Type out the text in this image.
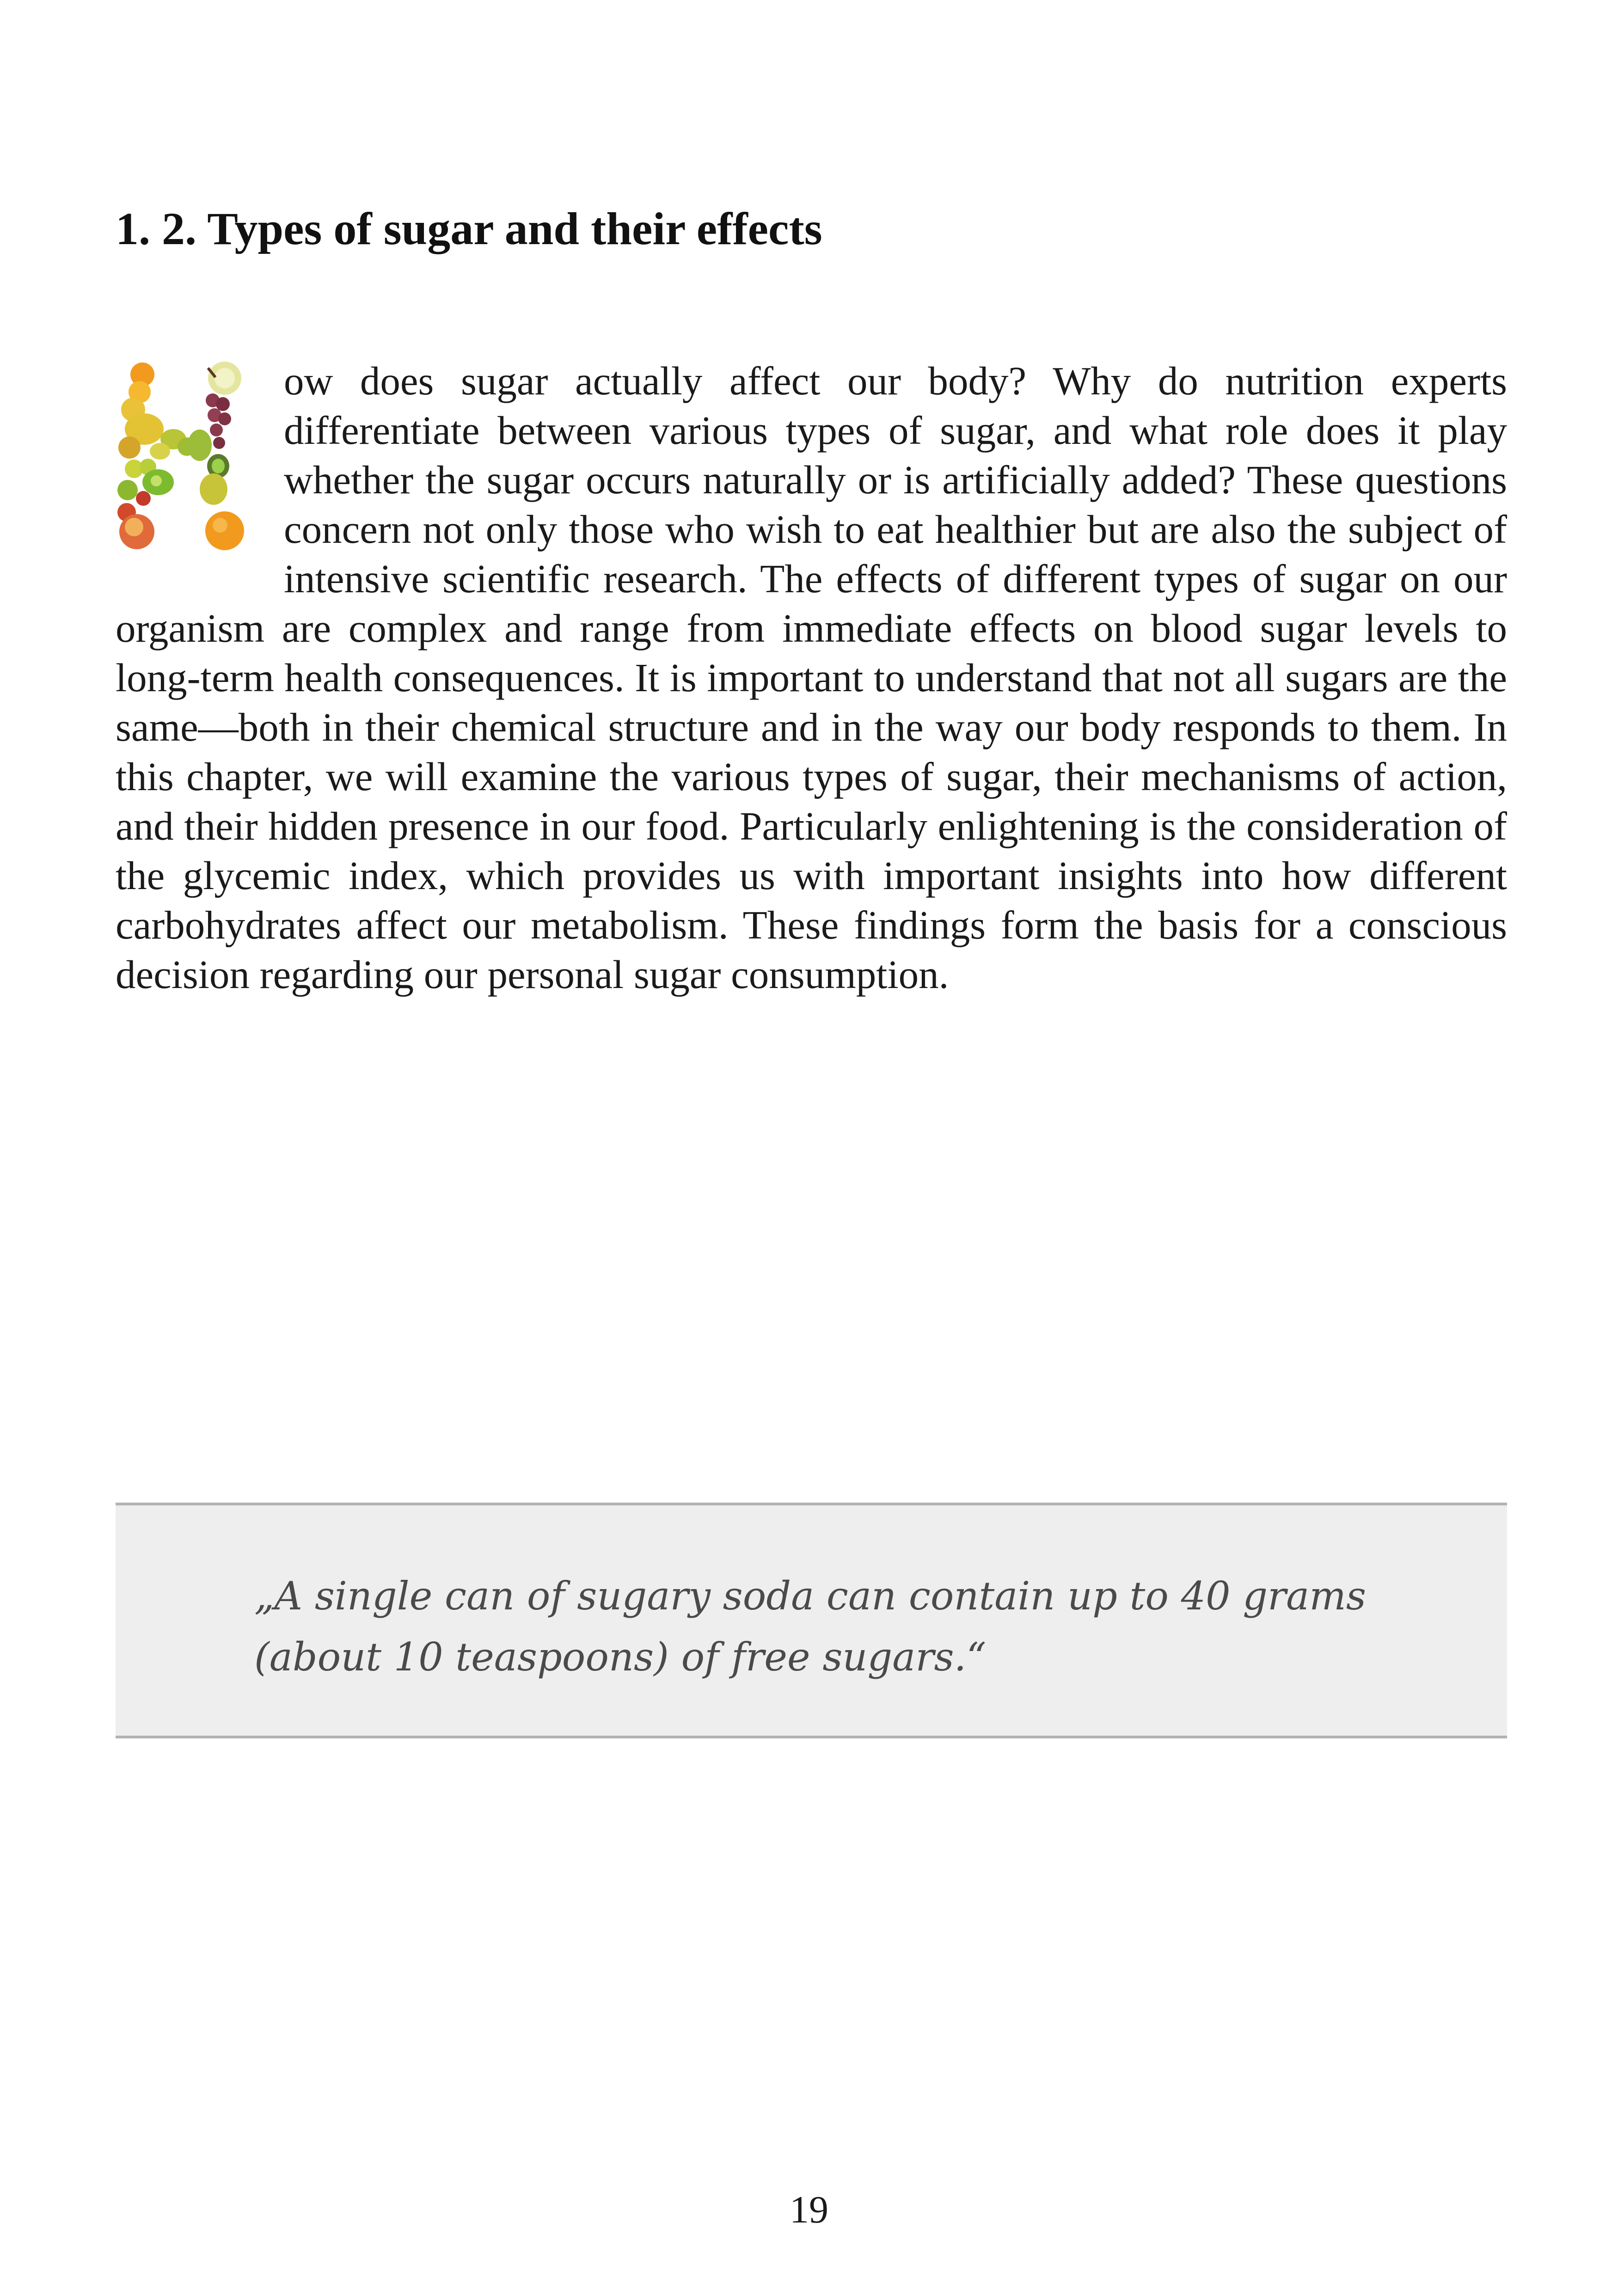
1. 2. Types of sugar and their effects

ow does sugar actually affect our body? Why do nutrition experts differentiate between various types of sugar, and what role does it play whether the sugar occurs naturally or is artificially added? These questions concern not only those who wish to eat healthier but are also the subject of intensive scientific research. The effects of different types of sugar on our organism are complex and range from immediate effects on blood sugar levels to long-term health consequences. It is important to understand that not all sugars are the same—both in their chemical structure and in the way our body responds to them. In this chapter, we will examine the various types of sugar, their mechanisms of action, and their hidden presence in our food. Particularly enlightening is the consideration of the glycemic index, which provides us with important insights into how different carbohydrates affect our metabolism. These findings form the basis for a conscious decision regarding our personal sugar consumption.

„A single can of sugary soda can contain up to 40 grams
(about 10 teaspoons) of free sugars.“

19
